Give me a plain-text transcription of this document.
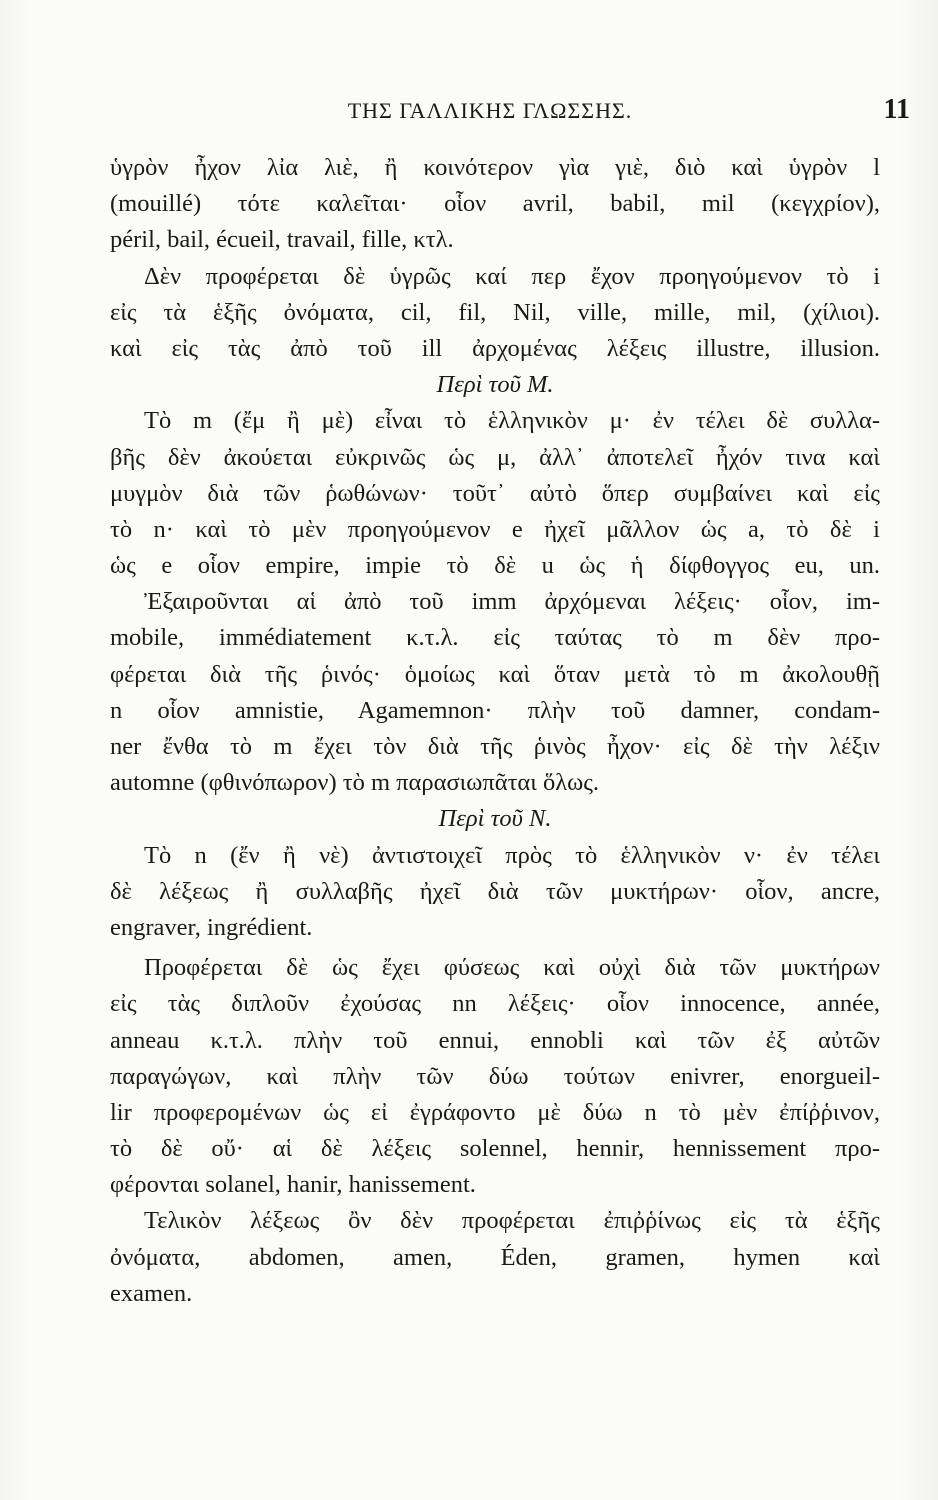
ΤΗΣ ΓΑΛΛΙΚΗΣ ΓΛΩΣΣΗΣ.	11
ὑγρὸν ἦχον λἰα λιὲ, ἢ κοινότερον γὶα γιὲ, διὸ καὶ ὑγρὸν l
(mouillé) τότε καλεῖται· οἷον avril, babil, mil (κεγχρίον),
péril, bail, écueil, travail, fille, κτλ.
Δὲν προφέρεται δὲ ὑγρῶς καί περ ἔχον προηγούμενον τὸ i
εἰς τὰ ἑξῆς ὀνόματα, cil, fil, Nil, ville, mille, mil, (χίλιοι).
καὶ εἰς τὰς ἀπὸ τοῦ ill ἀρχομένας λέξεις illustre, illusion.
Περὶ τοῦ M.
Τὸ m (ἔμ ἢ μὲ) εἶναι τὸ ἑλληνικὸν μ· ἐν τέλει δὲ συλλα-
βῆς δὲν ἀκούεται εὐκρινῶς ὡς μ, ἀλλ᾽ ἀποτελεῖ ἦχόν τινα καὶ
μυγμὸν διὰ τῶν ῥωθώνων· τοῦτ᾽ αὐτὸ ὅπερ συμβαίνει καὶ εἰς
τὸ n· καὶ τὸ μὲν προηγούμενον e ἠχεῖ μᾶλλον ὡς a, τὸ δὲ i
ὡς e οἷον empire, impie τὸ δὲ u ὡς ἡ δίφθογγος eu, un.
Ἐξαιροῦνται αἱ ἀπὸ τοῦ imm ἀρχόμεναι λέξεις· οἷον, im-
mobile, immédiatement κ.τ.λ. εἰς ταύτας τὸ m δὲν προ-
φέρεται διὰ τῆς ῥινός· ὁμοίως καὶ ὅταν μετὰ τὸ m ἀκολουθῇ
n οἷον amnistie, Agamemnon· πλὴν τοῦ damner, condam-
ner ἔνθα τὸ m ἔχει τὸν διὰ τῆς ῥινὸς ἦχον· εἰς δὲ τὴν λέξιν
automne (φθινόπωρον) τὸ m παρασιωπᾶται ὅλως.
Περὶ τοῦ N.
Τὸ n (ἔν ἢ νὲ) ἀντιστοιχεῖ πρὸς τὸ ἑλληνικὸν ν· ἐν τέλει
δὲ λέξεως ἢ συλλαβῆς ἠχεῖ διὰ τῶν μυκτήρων· οἷον, ancre,
engraver, ingrédient.
Προφέρεται δὲ ὡς ἔχει φύσεως καὶ οὐχὶ διὰ τῶν μυκτήρων
εἰς τὰς διπλοῦν ἐχούσας nn λέξεις· οἷον innocence, année,
anneau κ.τ.λ. πλὴν τοῦ ennui, ennobli καὶ τῶν ἐξ αὐτῶν
παραγώγων, καὶ πλὴν τῶν δύω τούτων enivrer, enorgueil-
lir προφερομένων ὡς εἰ ἐγράφοντο μὲ δύω n τὸ μὲν ἐπίῤῥινον,
τὸ δὲ οὔ· αἱ δὲ λέξεις solennel, hennir, hennissement προ-
φέρονται solanel, hanir, hanissement.
Τελικὸν λέξεως ὂν δὲν προφέρεται ἐπιῤῥίνως εἰς τὰ ἑξῆς
ὀνόματα, abdomen, amen, Éden, gramen, hymen καὶ
examen.
